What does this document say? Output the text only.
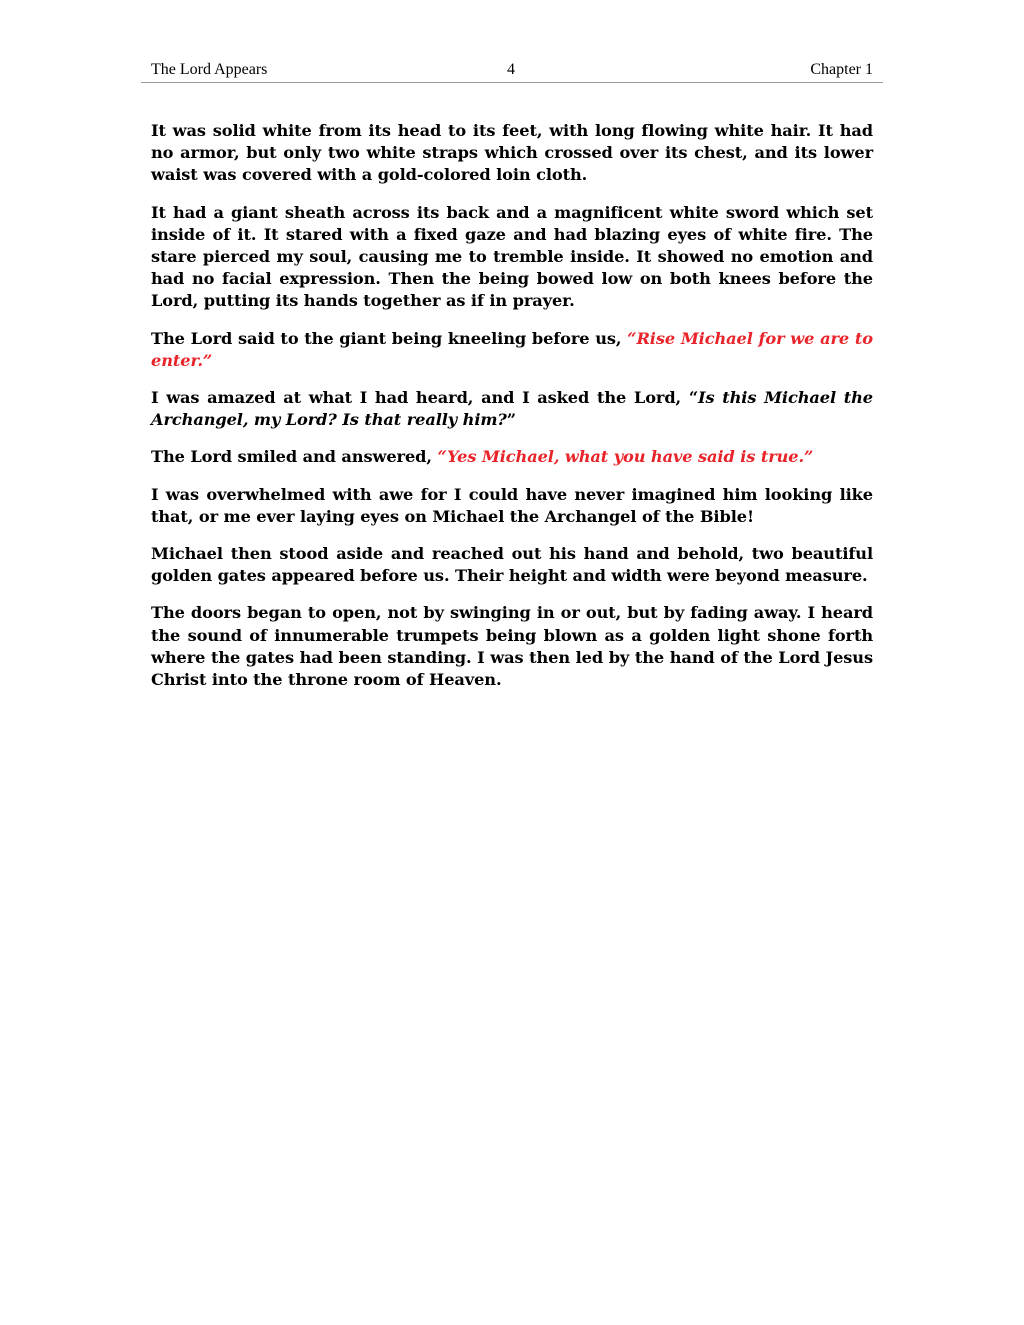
The Lord Appears	4	Chapter 1

It was solid white from its head to its feet, with long flowing white hair. It had no armor, but only two white straps which crossed over its chest, and its lower waist was covered with a gold-colored loin cloth.

It had a giant sheath across its back and a magnificent white sword which set inside of it. It stared with a fixed gaze and had blazing eyes of white fire. The stare pierced my soul, causing me to tremble inside. It showed no emotion and had no facial expression. Then the being bowed low on both knees before the Lord, putting its hands together as if in prayer.

The Lord said to the giant being kneeling before us, “Rise Michael for we are to enter.”

I was amazed at what I had heard, and I asked the Lord, “Is this Michael the Archangel, my Lord? Is that really him?”

The Lord smiled and answered, “Yes Michael, what you have said is true.”

I was overwhelmed with awe for I could have never imagined him looking like that, or me ever laying eyes on Michael the Archangel of the Bible!

Michael then stood aside and reached out his hand and behold, two beautiful golden gates appeared before us. Their height and width were beyond measure.

The doors began to open, not by swinging in or out, but by fading away. I heard the sound of innumerable trumpets being blown as a golden light shone forth where the gates had been standing. I was then led by the hand of the Lord Jesus Christ into the throne room of Heaven.
